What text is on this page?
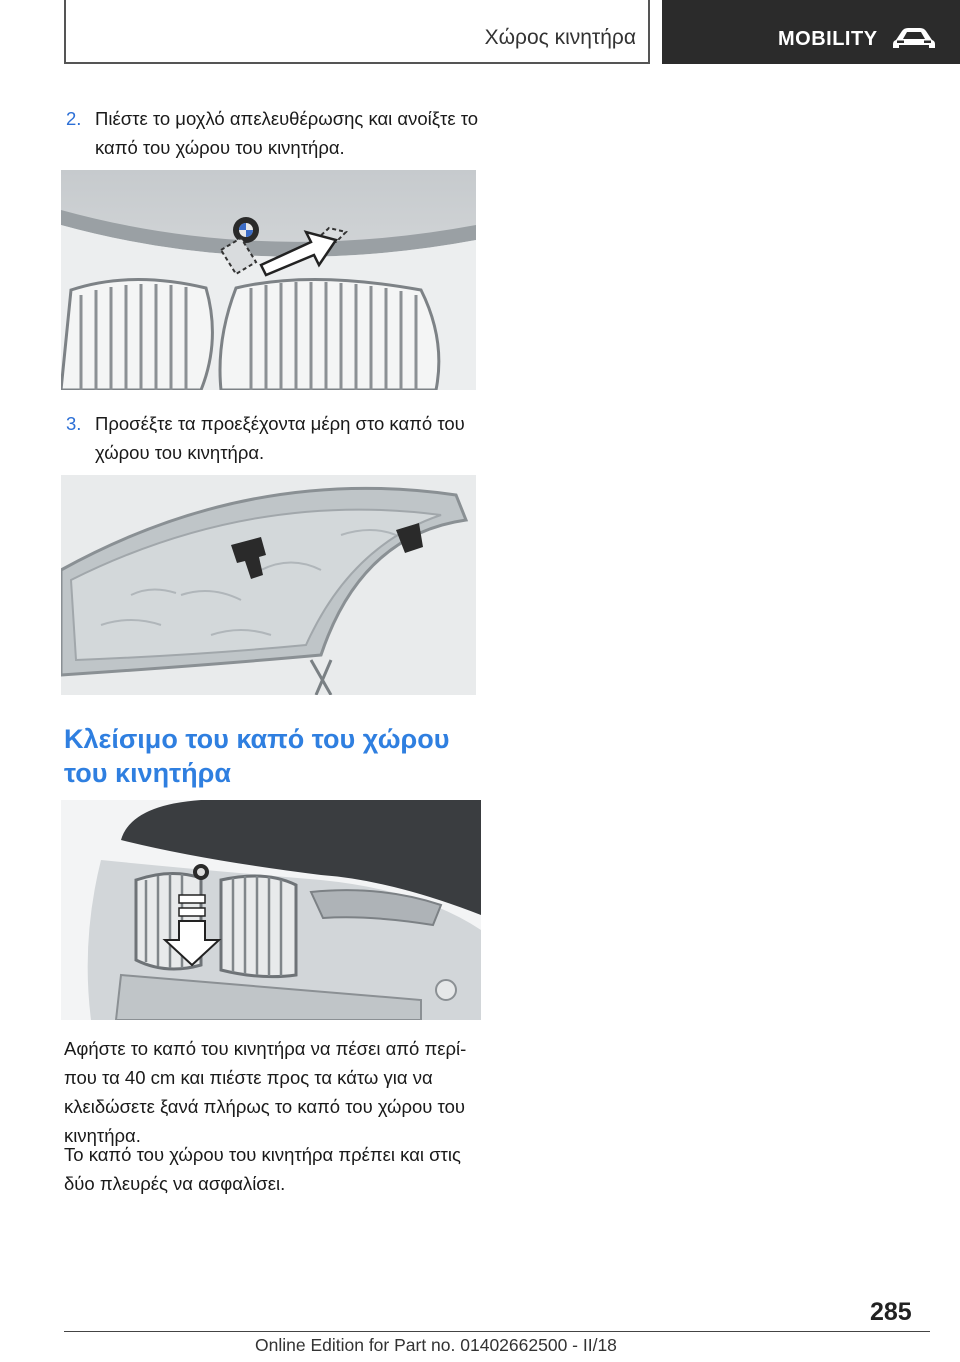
Χώρος κινητήρα	MOBILITY
2. Πιέστε το μοχλό απελευθέρωσης και ανοίξτε το καπό του χώρου του κινητήρα.
3. Προσέξτε τα προεξέχοντα μέρη στο καπό του χώρου του κινητήρα.
Κλείσιμο του καπό του χώρου του κινητήρα
Αφήστε το καπό του κινητήρα να πέσει από περί‐ που τα 40 cm και πιέστε προς τα κάτω για να κλειδώσετε ξανά πλήρως το καπό του χώρου του κινητήρα.
Το καπό του χώρου του κινητήρα πρέπει και στις δύο πλευρές να ασφαλίσει.
285
Online Edition for Part no. 01402662500 - II/18
